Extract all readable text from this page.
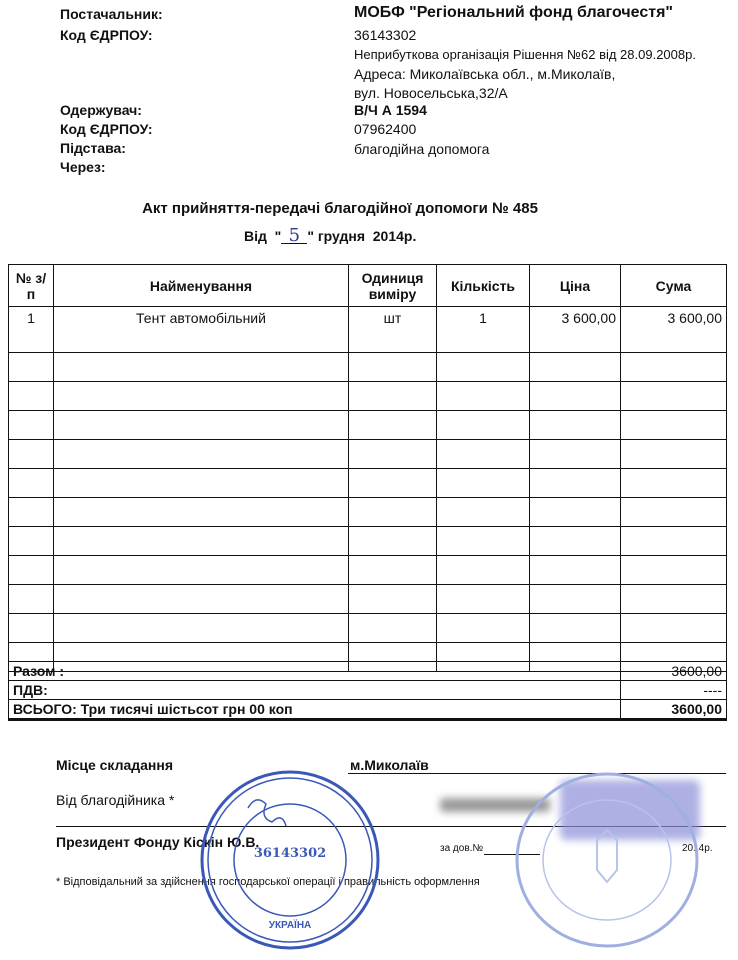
Постачальник:	МОБФ "Регіональний фонд благочестя"
Код ЄДРПОУ:	36143302
Неприбуткова організація Рішення №62 від 28.09.2008р.
Адреса: Миколаївська обл., м.Миколаїв,
вул. Новосельська,32/А
Одержувач:	В/Ч А 1594
Код ЄДРПОУ:	07962400
Підстава:	благодійна допомога
Через:
Акт прийняття-передачі благодійної допомоги № 485
Від  " 5 " грудня  2014р.
№ з/п	Найменування	Одиниця виміру	Кількість	Ціна	Сума
1	Тент автомобільний	шт	1	3 600,00	3 600,00

Разом :	3600,00
ПДВ:	----
ВСЬОГО: Три тисячі шістьсот грн 00 коп	3600,00
Місце складання	м.Миколаїв
Від благодійника *
Президент Фонду Кіскін Ю.В.	за дов.№	2014р.
* Відповідальний за здійснення господарської операції і правильність оформлення
36143302
УКРАЇНА
